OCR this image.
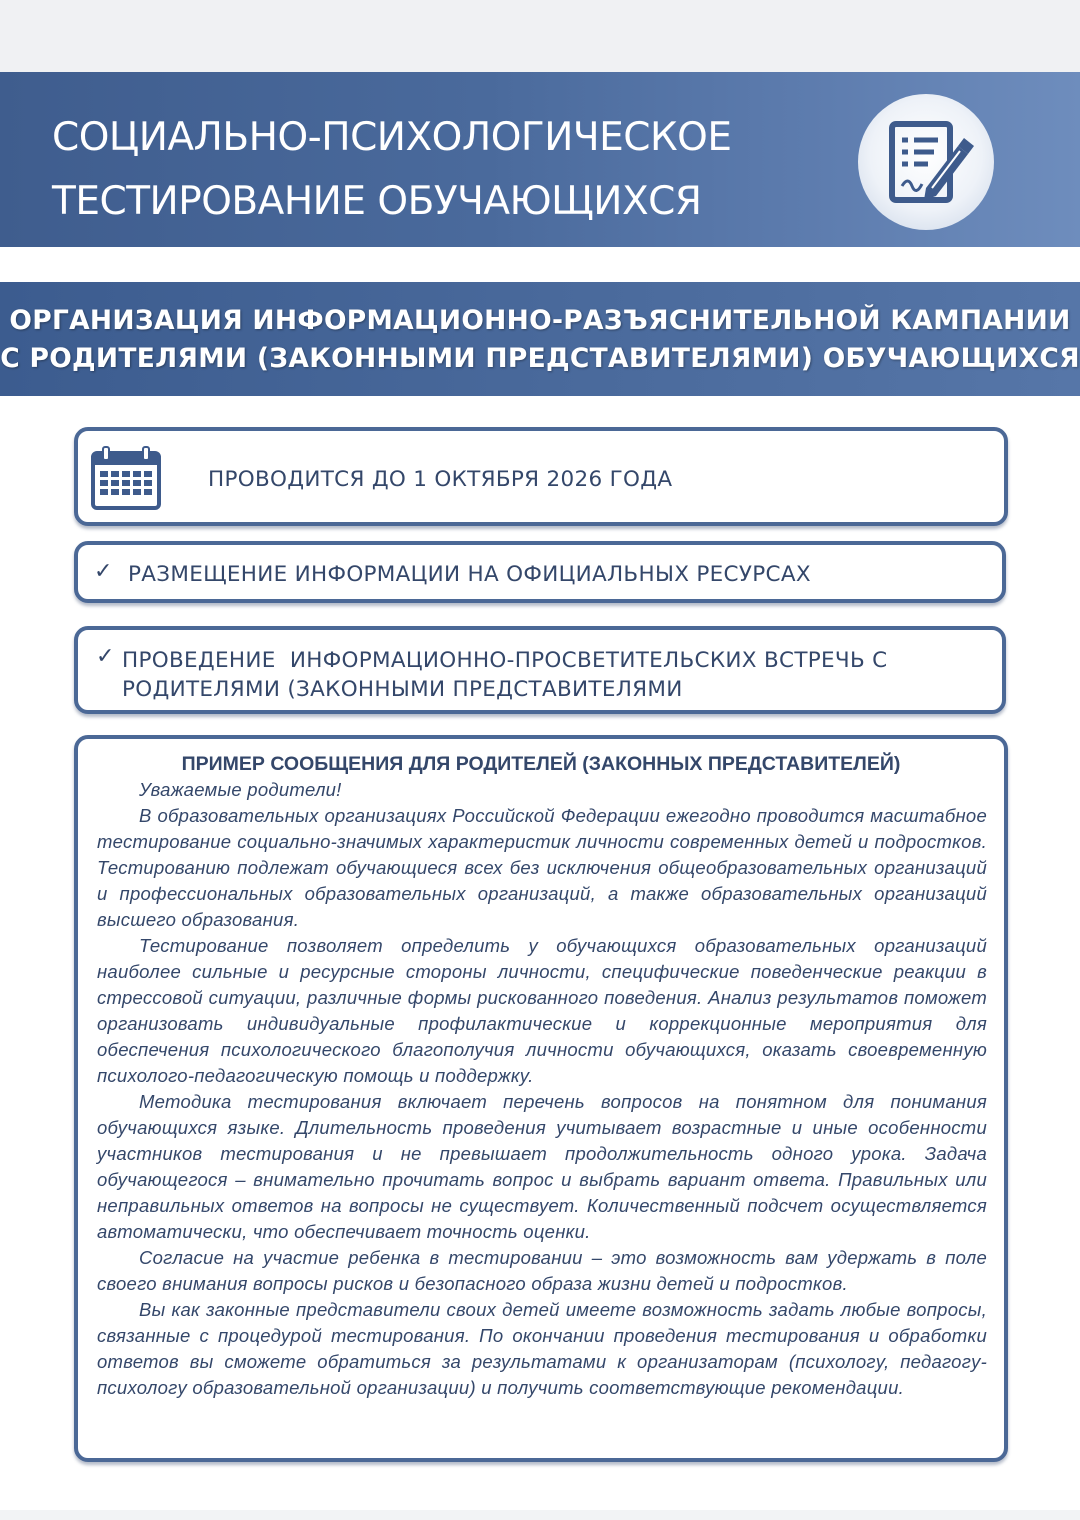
СОЦИАЛЬНО-ПСИХОЛОГИЧЕСКОЕ
ТЕСТИРОВАНИЕ ОБУЧАЮЩИХСЯ
ОРГАНИЗАЦИЯ ИНФОРМАЦИОННО-РАЗЪЯСНИТЕЛЬНОЙ КАМПАНИИ
С РОДИТЕЛЯМИ (ЗАКОННЫМИ ПРЕДСТАВИТЕЛЯМИ) ОБУЧАЮЩИХСЯ
ПРОВОДИТСЯ ДО 1 ОКТЯБРЯ 2026 ГОДА
✓ РАЗМЕЩЕНИЕ ИНФОРМАЦИИ НА ОФИЦИАЛЬНЫХ РЕСУРСАХ
✓ ПРОВЕДЕНИЕ  ИНФОРМАЦИОННО-ПРОСВЕТИТЕЛЬСКИХ ВСТРЕЧЬ С
РОДИТЕЛЯМИ (ЗАКОННЫМИ ПРЕДСТАВИТЕЛЯМИ
ПРИМЕР СООБЩЕНИЯ ДЛЯ РОДИТЕЛЕЙ (ЗАКОННЫХ ПРЕДСТАВИТЕЛЕЙ)

Уважаемые родители!

В образовательных организациях Российской Федерации ежегодно проводится масштабное тестирование социально-значимых характеристик личности современных детей и подростков. Тестированию подлежат обучающиеся всех без исключения общеобразовательных организаций и профессиональных образовательных организаций, а также образовательных организаций высшего образования.

Тестирование позволяет определить у обучающихся образовательных организаций наиболее сильные и ресурсные стороны личности, специфические поведенческие реакции в стрессовой ситуации, различные формы рискованного поведения. Анализ результатов поможет организовать индивидуальные профилактические и коррекционные мероприятия для обеспечения психологического благополучия личности обучающихся, оказать своевременную психолого-педагогическую помощь и поддержку.

Методика тестирования включает перечень вопросов на понятном для понимания обучающихся языке. Длительность проведения учитывает возрастные и иные особенности участников тестирования и не превышает продолжительность одного урока. Задача обучающегося – внимательно прочитать вопрос и выбрать вариант ответа. Правильных или неправильных ответов на вопросы не существует. Количественный подсчет осуществляется автоматически, что обеспечивает точность оценки.

Согласие на участие ребенка в тестировании – это возможность вам удержать в поле своего внимания вопросы рисков и безопасного образа жизни детей и подростков.

Вы как законные представители своих детей имеете возможность задать любые вопросы, связанные с процедурой тестирования. По окончании проведения тестирования и обработки ответов вы сможете обратиться за результатами к организаторам (психологу, педагогу-психологу образовательной организации) и получить соответствующие рекомендации.
